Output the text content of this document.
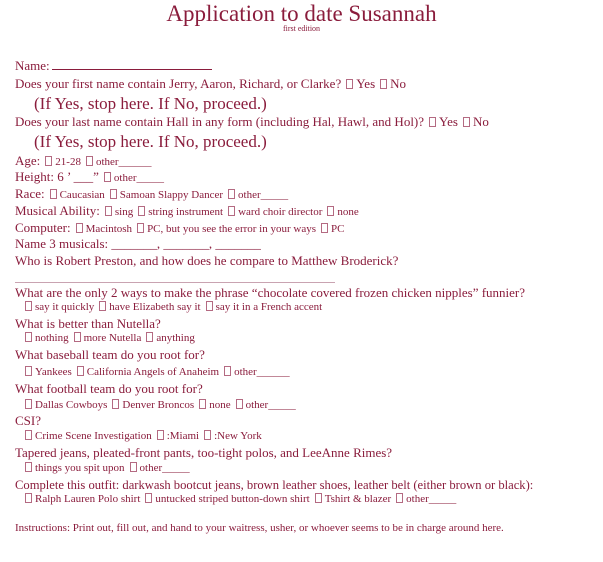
Application to date Susannah
first edition
Name:
Does your first name contain Jerry, Aaron, Richard, or Clarke? Yes No
(If Yes, stop here. If No, proceed.)
Does your last name contain Hall in any form (including Hal, Hawl, and Hol)? Yes No
(If Yes, stop here. If No, proceed.)
Age: 21-28 other______
Height: 6 ’ ___” other_____
Race: Caucasian Samoan Slappy Dancer other_____
Musical Ability: sing string instrument ward choir director none
Computer: Macintosh PC, but you see the error in your ways PC
Name 3 musicals: _______, _______, _______
Who is Robert Preston, and how does he compare to Matthew Broderick?
What are the only 2 ways to make the phrase “chocolate covered frozen chicken nipples” funnier?
say it quickly have Elizabeth say it say it in a French accent
What is better than Nutella?
nothing more Nutella anything
What baseball team do you root for?
Yankees California Angels of Anaheim other______
What football team do you root for?
Dallas Cowboys Denver Broncos none other_____
CSI?
Crime Scene Investigation :Miami :New York
Tapered jeans, pleated-front pants, too-tight polos, and LeeAnne Rimes?
things you spit upon other_____
Complete this outfit: darkwash bootcut jeans, brown leather shoes, leather belt (either brown or black):
Ralph Lauren Polo shirt untucked striped button-down shirt Tshirt & blazer other_____
Instructions: Print out, fill out, and hand to your waitress, usher, or whoever seems to be in charge around here.
